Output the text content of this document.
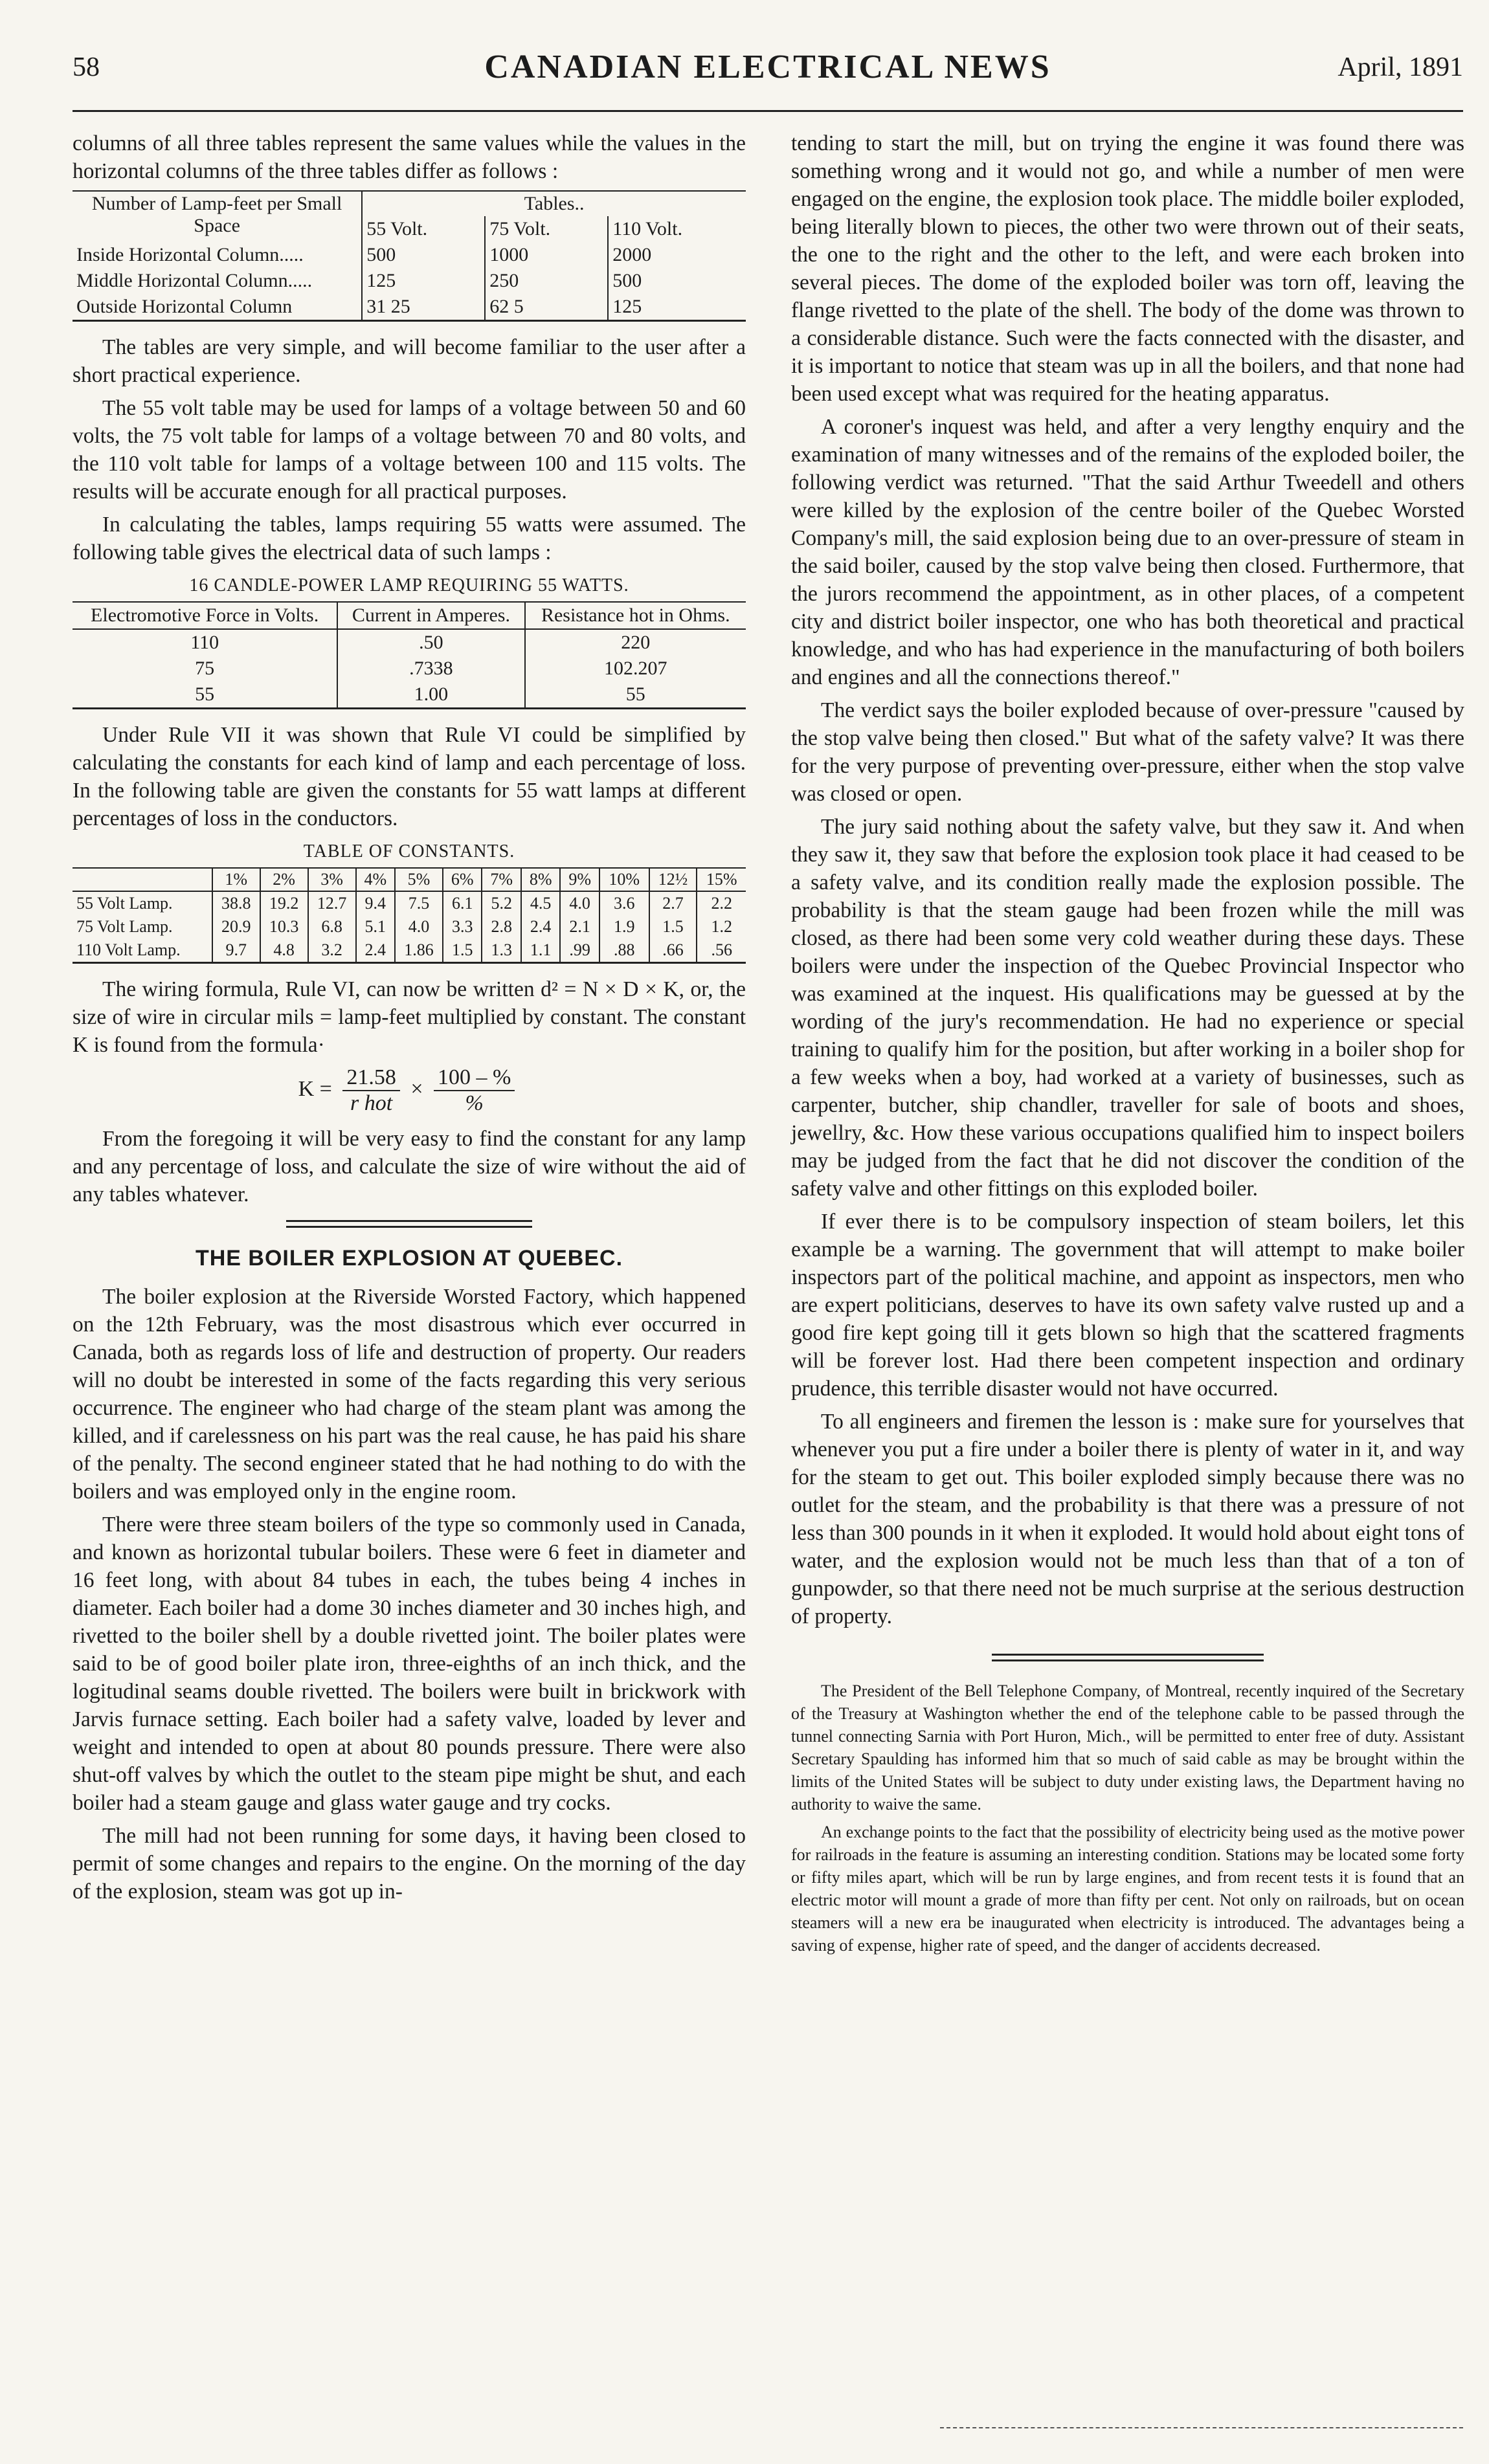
58	CANADIAN ELECTRICAL NEWS	April, 1891

columns of all three tables represent the same values while the values in the horizontal columns of the three tables differ as follows :

Number of Lamp-feet per Small Space	Tables..		
	55 Volt.	75 Volt.	110 Volt.
Inside Horizontal Column.....	500	1000	2000
Middle Horizontal Column.....	125	250	500
Outside Horizontal Column	31 25	62 5	125

The tables are very simple, and will become familiar to the user after a short practical experience.

The 55 volt table may be used for lamps of a voltage between 50 and 60 volts, the 75 volt table for lamps of a voltage between 70 and 80 volts, and the 110 volt table for lamps of a voltage between 100 and 115 volts. The results will be accurate enough for all practical purposes.

In calculating the tables, lamps requiring 55 watts were assumed. The following table gives the electrical data of such lamps :

16 CANDLE-POWER LAMP REQUIRING 55 WATTS.
Electromotive Force in Volts.	Current in Amperes.	Resistance hot in Ohms.
110	.50	220
75	.7338	102.207
55	1.00	55

Under Rule VII it was shown that Rule VI could be simplified by calculating the constants for each kind of lamp and each percentage of loss. In the following table are given the constants for 55 watt lamps at different percentages of loss in the conductors.

TABLE OF CONSTANTS.
	1%	2%	3%	4%	5%	6%	7%	8%	9%	10%	12½	15%
55 Volt Lamp.	38.8	19.2	12.7	9.4	7.5	6.1	5.2	4.5	4.0	3.6	2.7	2.2
75 Volt Lamp.	20.9	10.3	6.8	5.1	4.0	3.3	2.8	2.4	2.1	1.9	1.5	1.2
110 Volt Lamp.	9.7	4.8	3.2	2.4	1.86	1.5	1.3	1.1	.99	.88	.66	.56

The wiring formula, Rule VI, can now be written d² = N × D × K, or, the size of wire in circular mils = lamp-feet multiplied by constant. The constant K is found from the formula·

$K = \frac{21.58}{\text{r hot}} \times \frac{100 - \%}{\%}$

From the foregoing it will be very easy to find the constant for any lamp and any percentage of loss, and calculate the size of wire without the aid of any tables whatever.

THE BOILER EXPLOSION AT QUEBEC.

The boiler explosion at the Riverside Worsted Factory, which happened on the 12th February, was the most disastrous which ever occurred in Canada, both as regards loss of life and destruction of property. Our readers will no doubt be interested in some of the facts regarding this very serious occurrence. The engineer who had charge of the steam plant was among the killed, and if carelessness on his part was the real cause, he has paid his share of the penalty. The second engineer stated that he had nothing to do with the boilers and was employed only in the engine room.

There were three steam boilers of the type so commonly used in Canada, and known as horizontal tubular boilers. These were 6 feet in diameter and 16 feet long, with about 84 tubes in each, the tubes being 4 inches in diameter. Each boiler had a dome 30 inches diameter and 30 inches high, and rivetted to the boiler shell by a double rivetted joint. The boiler plates were said to be of good boiler plate iron, three-eighths of an inch thick, and the logitudinal seams double rivetted. The boilers were built in brickwork with Jarvis furnace setting. Each boiler had a safety valve, loaded by lever and weight and intended to open at about 80 pounds pressure. There were also shut-off valves by which the outlet to the steam pipe might be shut, and each boiler had a steam gauge and glass water gauge and try cocks.

The mill had not been running for some days, it having been closed to permit of some changes and repairs to the engine. On the morning of the day of the explosion, steam was got up in-

tending to start the mill, but on trying the engine it was found there was something wrong and it would not go, and while a number of men were engaged on the engine, the explosion took place. The middle boiler exploded, being literally blown to pieces, the other two were thrown out of their seats, the one to the right and the other to the left, and were each broken into several pieces. The dome of the exploded boiler was torn off, leaving the flange rivetted to the plate of the shell. The body of the dome was thrown to a considerable distance. Such were the facts connected with the disaster, and it is important to notice that steam was up in all the boilers, and that none had been used except what was required for the heating apparatus.

A coroner's inquest was held, and after a very lengthy enquiry and the examination of many witnesses and of the remains of the exploded boiler, the following verdict was returned. "That the said Arthur Tweedell and others were killed by the explosion of the centre boiler of the Quebec Worsted Company's mill, the said explosion being due to an over-pressure of steam in the said boiler, caused by the stop valve being then closed. Furthermore, that the jurors recommend the appointment, as in other places, of a competent city and district boiler inspector, one who has both theoretical and practical knowledge, and who has had experience in the manufacturing of both boilers and engines and all the connections thereof."

The verdict says the boiler exploded because of over-pressure "caused by the stop valve being then closed." But what of the safety valve? It was there for the very purpose of preventing over-pressure, either when the stop valve was closed or open.

The jury said nothing about the safety valve, but they saw it. And when they saw it, they saw that before the explosion took place it had ceased to be a safety valve, and its condition really made the explosion possible. The probability is that the steam gauge had been frozen while the mill was closed, as there had been some very cold weather during these days. These boilers were under the inspection of the Quebec Provincial Inspector who was examined at the inquest. His qualifications may be guessed at by the wording of the jury's recommendation. He had no experience or special training to qualify him for the position, but after working in a boiler shop for a few weeks when a boy, had worked at a variety of businesses, such as carpenter, butcher, ship chandler, traveller for sale of boots and shoes, jewellry, &c. How these various occupations qualified him to inspect boilers may be judged from the fact that he did not discover the condition of the safety valve and other fittings on this exploded boiler.

If ever there is to be compulsory inspection of steam boilers, let this example be a warning. The government that will attempt to make boiler inspectors part of the political machine, and appoint as inspectors, men who are expert politicians, deserves to have its own safety valve rusted up and a good fire kept going till it gets blown so high that the scattered fragments will be forever lost. Had there been competent inspection and ordinary prudence, this terrible disaster would not have occurred.

To all engineers and firemen the lesson is : make sure for yourselves that whenever you put a fire under a boiler there is plenty of water in it, and way for the steam to get out. This boiler exploded simply because there was no outlet for the steam, and the probability is that there was a pressure of not less than 300 pounds in it when it exploded. It would hold about eight tons of water, and the explosion would not be much less than that of a ton of gunpowder, so that there need not be much surprise at the serious destruction of property.

The President of the Bell Telephone Company, of Montreal, recently inquired of the Secretary of the Treasury at Washington whether the end of the telephone cable to be passed through the tunnel connecting Sarnia with Port Huron, Mich., will be permitted to enter free of duty. Assistant Secretary Spaulding has informed him that so much of said cable as may be brought within the limits of the United States will be subject to duty under existing laws, the Department having no authority to waive the same.

An exchange points to the fact that the possibility of electricity being used as the motive power for railroads in the feature is assuming an interesting condition. Stations may be located some forty or fifty miles apart, which will be run by large engines, and from recent tests it is found that an electric motor will mount a grade of more than fifty per cent. Not only on railroads, but on ocean steamers will a new era be inaugurated when electricity is introduced. The advantages being a saving of expense, higher rate of speed, and the danger of accidents decreased.
